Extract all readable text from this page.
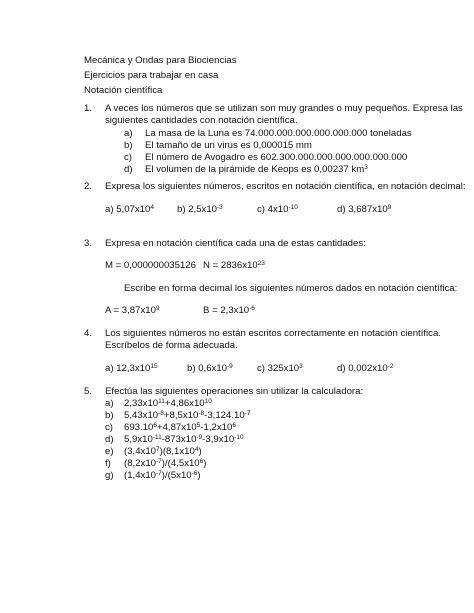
Mecánica y Ondas para Biociencias
Ejercicios para trabajar en casa
Notación científica
1. A veces los números que se utilizan son muy grandes o muy pequeños. Expresa las
siguientes cantidades con notación científica.
a) La masa de la Luna es 74.000.000.000.000.000.000 toneladas
b) El tamaño de un virus es 0,000015 mm
c) El número de Avogadro es 602.300.000.000.000.000.000.000
d) El volumen de la pirámide de Keops es 0,00237 $km^3$
2. Expresa los siguientes números, escritos en notación científica, en notación decimal:
a) $5,07x10^4$ b) $2,5x10^{-3}$	c) $4x10^{-10}$	d) $3,687x10^9$
3. Expresa en notación científica cada una de estas cantidades:
M = 0,000000035126 $N = 2836x10^{23}$
Escribe en forma decimal los siguientes números dados en notación científica:
$A = 3,87x10^9$	$B = 2,3x10^{-6}$
4. Los siguientes números no están escritos correctamente en notación científica.
Escríbelos de forma adecuada.
a) $12,3x10^{15}$	b) $0,6x10^{-9}$	c) $325x10^3$	d) $0,002x10^{-2}$
5. Efectúa las siguientes operaciones sin utilizar la calculadora:
a) $2,33x10^{11}+4,86x10^{10}$
b) $5,43x10^{-8}+8,5x10^{-8}-3,124.10^{-7}$
c) $693.10^6+4,87x10^5-1,2x10^6$
d) $5,9x10^{-11}-873x10^{-9}-3,9x10^{-10}$
e) $(3,4x10^7)(8,1x10^4)$
f) $(8,2x10^{-7})/(4,5x10^6)$
g) $(1,4x10^{-7})/(5x10^{-6})$
